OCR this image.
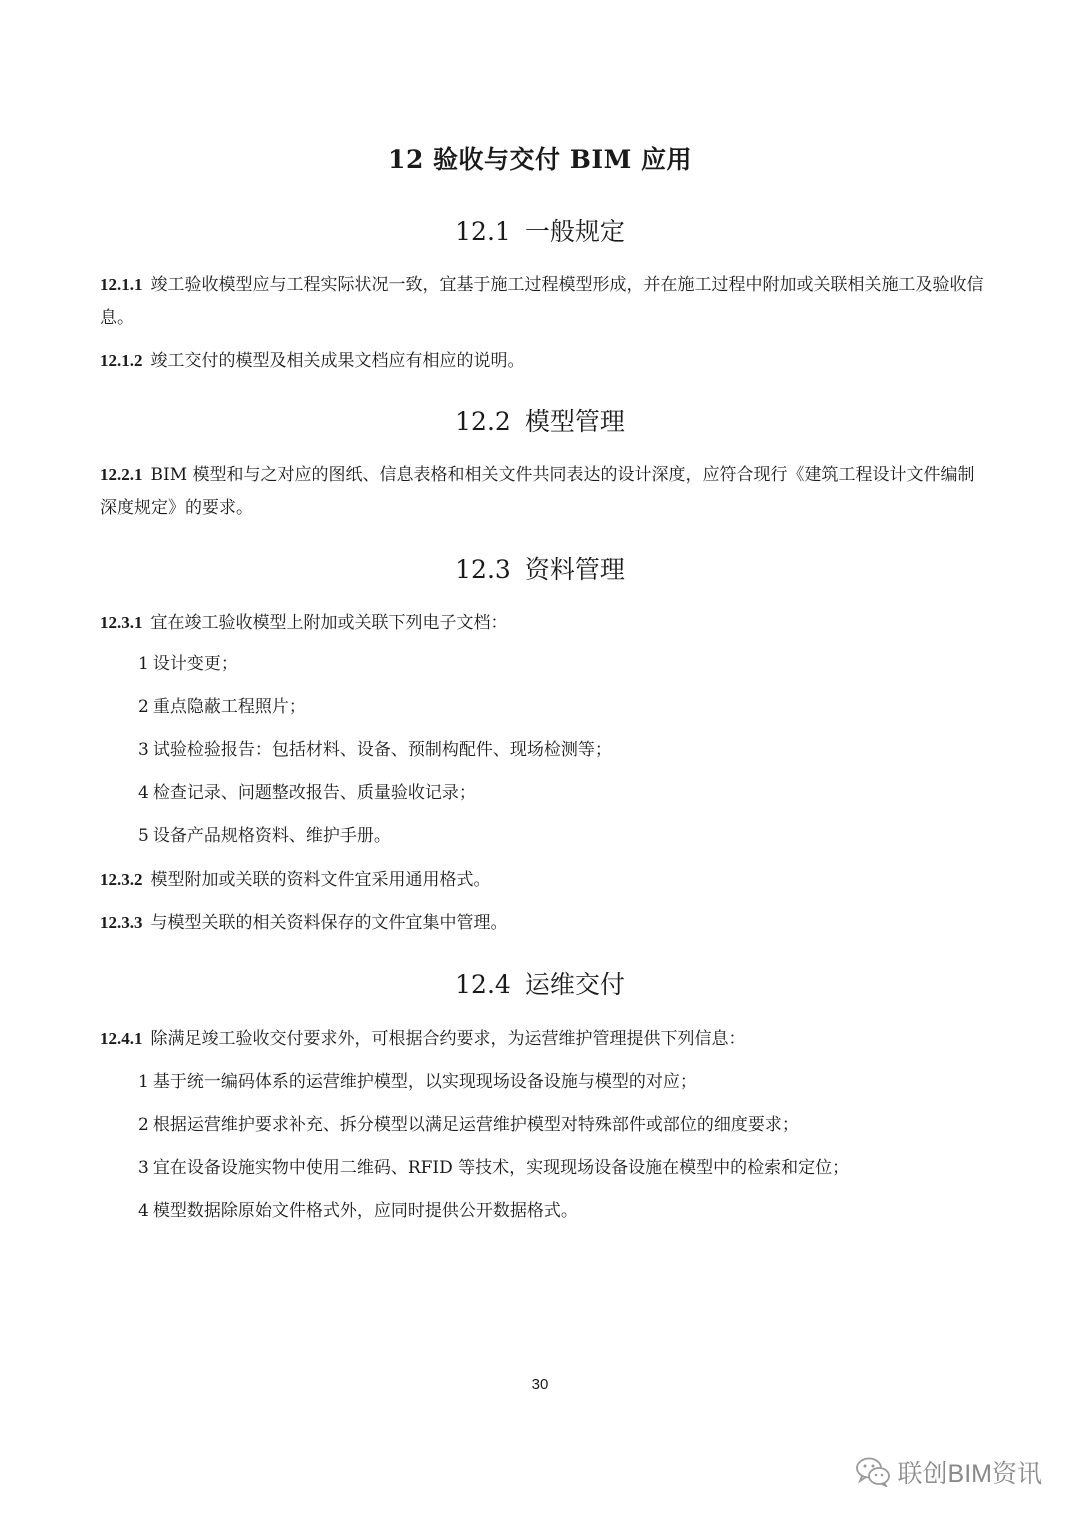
12 验收与交付 BIM 应用
12.1 一般规定

12.1.1 竣工验收模型应与工程实际状况一致，宜基于施工过程模型形成，并在施工过程中附加或关联相关施工及验收信息。

12.1.2 竣工交付的模型及相关成果文档应有相应的说明。

12.2 模型管理

12.2.1 BIM 模型和与之对应的图纸、信息表格和相关文件共同表达的设计深度，应符合现行《建筑工程设计文件编制深度规定》的要求。

12.3 资料管理

12.3.1 宜在竣工验收模型上附加或关联下列电子文档：

1 设计变更；

2 重点隐蔽工程照片；

3 试验检验报告：包括材料、设备、预制构配件、现场检测等；

4 检查记录、问题整改报告、质量验收记录；

5 设备产品规格资料、维护手册。

12.3.2 模型附加或关联的资料文件宜采用通用格式。

12.3.3 与模型关联的相关资料保存的文件宜集中管理。

12.4 运维交付

12.4.1 除满足竣工验收交付要求外，可根据合约要求，为运营维护管理提供下列信息：

1 基于统一编码体系的运营维护模型，以实现现场设备设施与模型的对应；

2 根据运营维护要求补充、拆分模型以满足运营维护模型对特殊部件或部位的细度要求；

3 宜在设备设施实物中使用二维码、RFID 等技术，实现现场设备设施在模型中的检索和定位；

4 模型数据除原始文件格式外，应同时提供公开数据格式。

30
联创BIM资讯
